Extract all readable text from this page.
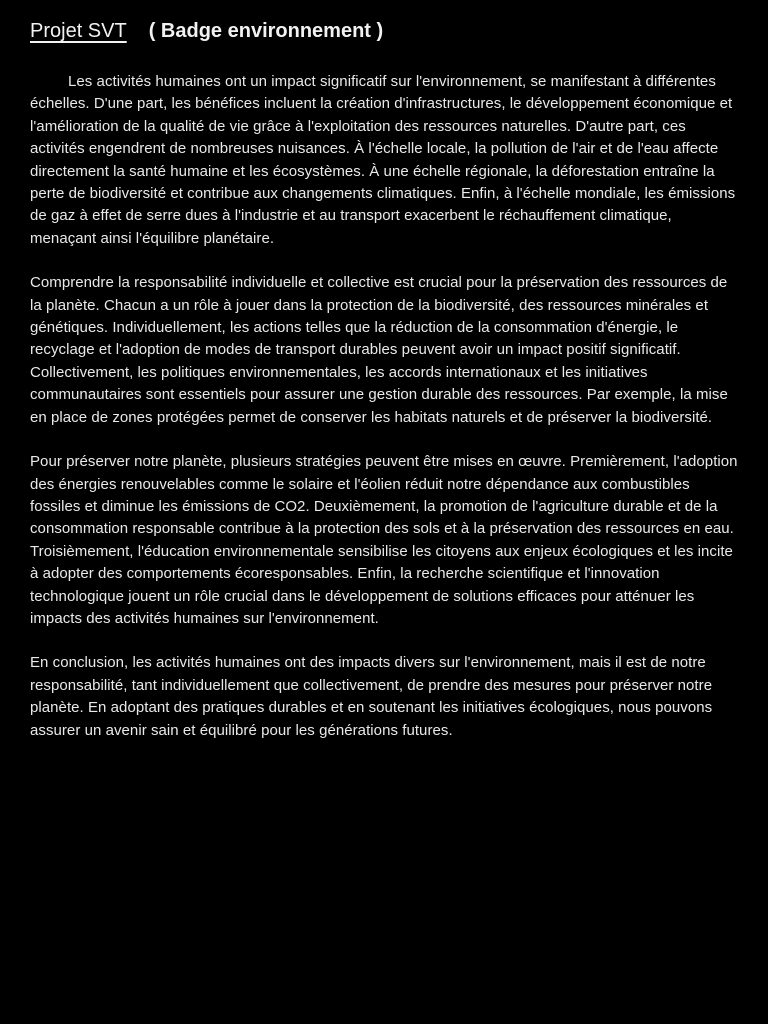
Projet SVT ( Badge environnement )

Les activités humaines ont un impact significatif sur l'environnement, se manifestant à différentes échelles. D'une part, les bénéfices incluent la création d'infrastructures, le développement économique et l'amélioration de la qualité de vie grâce à l'exploitation des ressources naturelles. D'autre part, ces activités engendrent de nombreuses nuisances. À l'échelle locale, la pollution de l'air et de l'eau affecte directement la santé humaine et les écosystèmes. À une échelle régionale, la déforestation entraîne la perte de biodiversité et contribue aux changements climatiques. Enfin, à l'échelle mondiale, les émissions de gaz à effet de serre dues à l'industrie et au transport exacerbent le réchauffement climatique, menaçant ainsi l'équilibre planétaire.

Comprendre la responsabilité individuelle et collective est crucial pour la préservation des ressources de la planète. Chacun a un rôle à jouer dans la protection de la biodiversité, des ressources minérales et génétiques. Individuellement, les actions telles que la réduction de la consommation d'énergie, le recyclage et l'adoption de modes de transport durables peuvent avoir un impact positif significatif. Collectivement, les politiques environnementales, les accords internationaux et les initiatives communautaires sont essentiels pour assurer une gestion durable des ressources. Par exemple, la mise en place de zones protégées permet de conserver les habitats naturels et de préserver la biodiversité.

Pour préserver notre planète, plusieurs stratégies peuvent être mises en œuvre. Premièrement, l'adoption des énergies renouvelables comme le solaire et l'éolien réduit notre dépendance aux combustibles fossiles et diminue les émissions de CO2. Deuxièmement, la promotion de l'agriculture durable et de la consommation responsable contribue à la protection des sols et à la préservation des ressources en eau. Troisièmement, l'éducation environnementale sensibilise les citoyens aux enjeux écologiques et les incite à adopter des comportements écoresponsables. Enfin, la recherche scientifique et l'innovation technologique jouent un rôle crucial dans le développement de solutions efficaces pour atténuer les impacts des activités humaines sur l'environnement.

En conclusion, les activités humaines ont des impacts divers sur l'environnement, mais il est de notre responsabilité, tant individuellement que collectivement, de prendre des mesures pour préserver notre planète. En adoptant des pratiques durables et en soutenant les initiatives écologiques, nous pouvons assurer un avenir sain et équilibré pour les générations futures.
